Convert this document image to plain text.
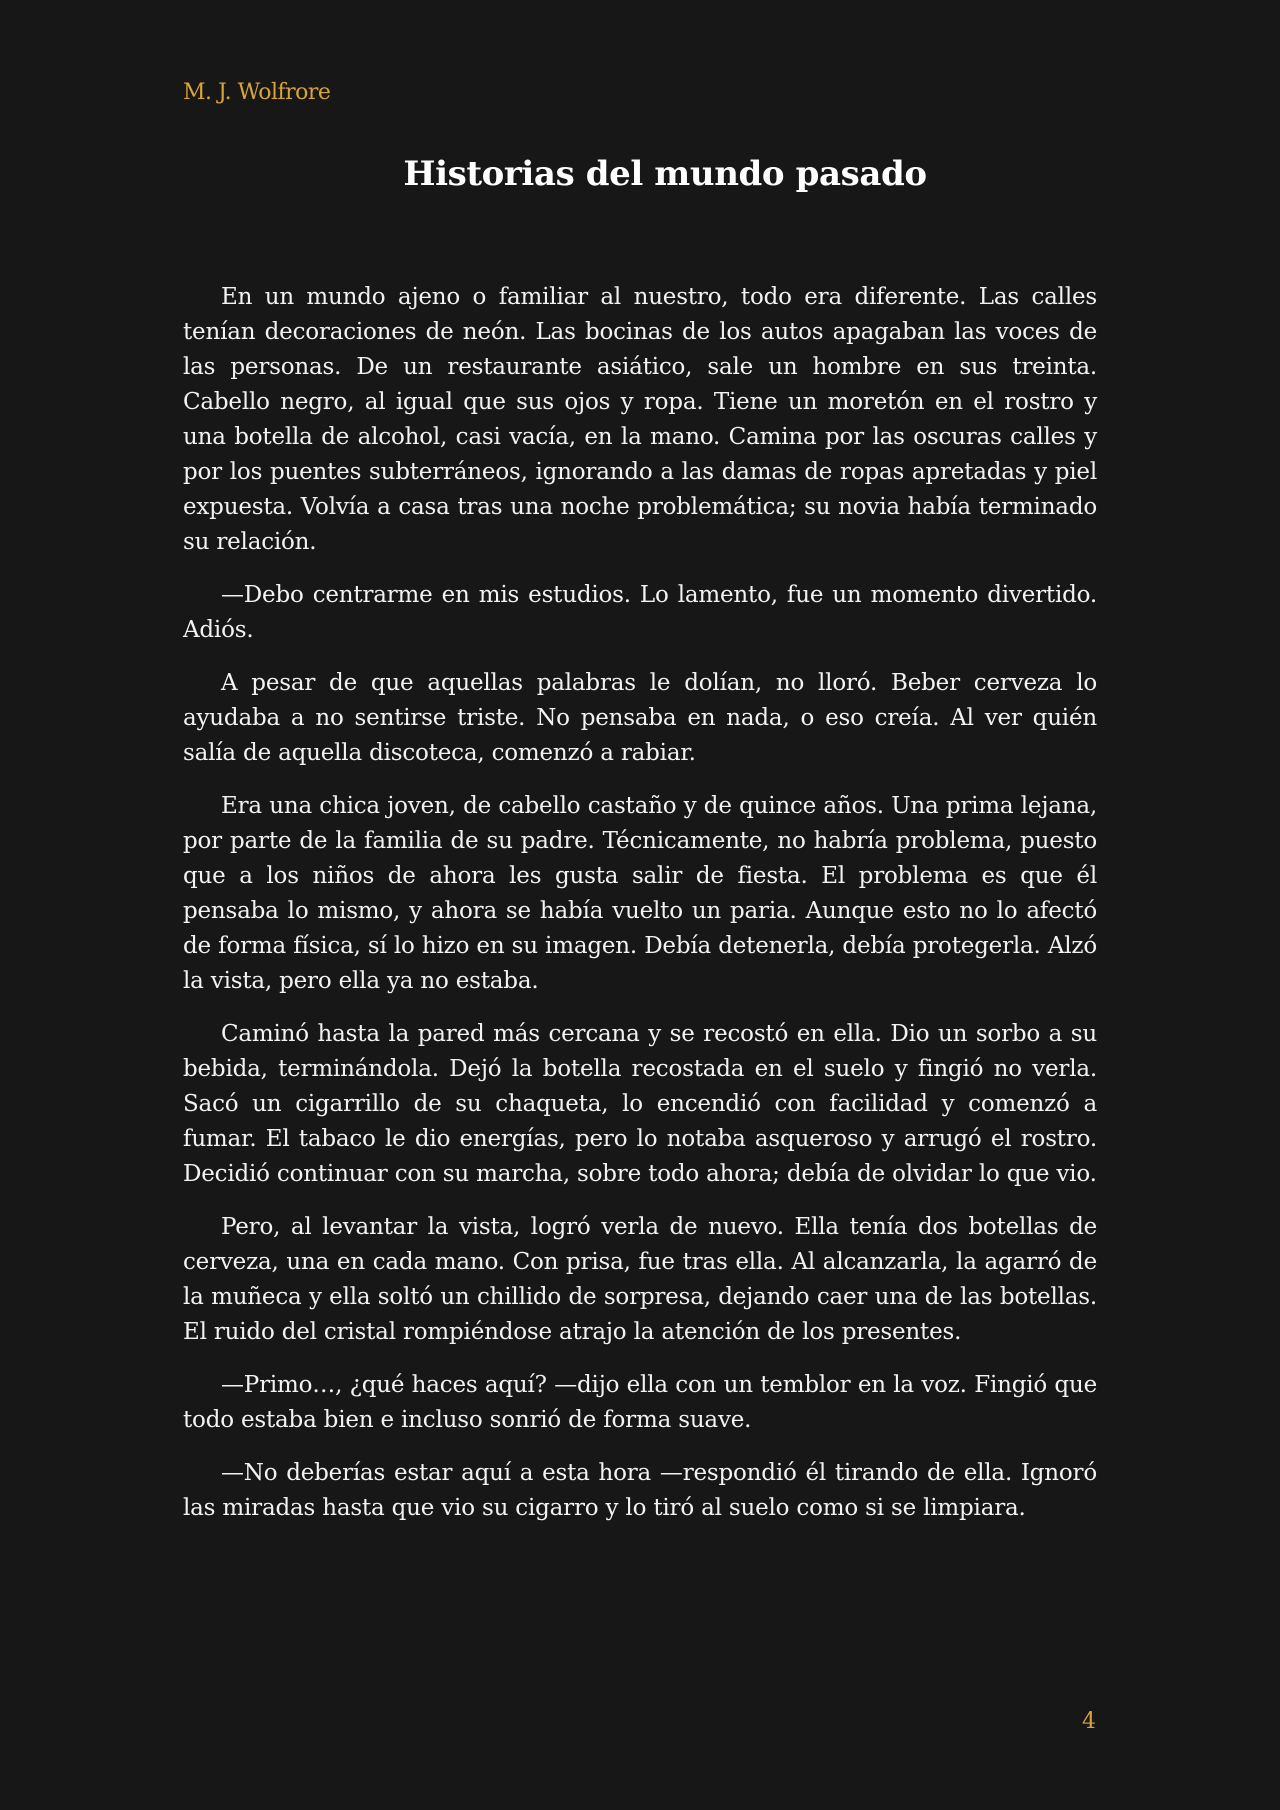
M. J. Wolfrore
Historias del mundo pasado

En un mundo ajeno o familiar al nuestro, todo era diferente. Las calles tenían decoraciones de neón. Las bocinas de los autos apagaban las voces de las personas. De un restaurante asiático, sale un hombre en sus treinta. Cabello negro, al igual que sus ojos y ropa. Tiene un moretón en el rostro y una botella de alcohol, casi vacía, en la mano. Camina por las oscuras calles y por los puentes subterráneos, ignorando a las damas de ropas apretadas y piel expuesta. Volvía a casa tras una noche problemática; su novia había terminado su relación.

—Debo centrarme en mis estudios. Lo lamento, fue un momento divertido. Adiós.

A pesar de que aquellas palabras le dolían, no lloró. Beber cerveza lo ayudaba a no sentirse triste. No pensaba en nada, o eso creía. Al ver quién salía de aquella discoteca, comenzó a rabiar.

Era una chica joven, de cabello castaño y de quince años. Una prima lejana, por parte de la familia de su padre. Técnicamente, no habría problema, puesto que a los niños de ahora les gusta salir de fiesta. El problema es que él pensaba lo mismo, y ahora se había vuelto un paria. Aunque esto no lo afectó de forma física, sí lo hizo en su imagen. Debía detenerla, debía protegerla. Alzó la vista, pero ella ya no estaba.

Caminó hasta la pared más cercana y se recostó en ella. Dio un sorbo a su bebida, terminándola. Dejó la botella recostada en el suelo y fingió no verla. Sacó un cigarrillo de su chaqueta, lo encendió con facilidad y comenzó a fumar. El tabaco le dio energías, pero lo notaba asqueroso y arrugó el rostro. Decidió continuar con su marcha, sobre todo ahora; debía de olvidar lo que vio.

Pero, al levantar la vista, logró verla de nuevo. Ella tenía dos botellas de cerveza, una en cada mano. Con prisa, fue tras ella. Al alcanzarla, la agarró de la muñeca y ella soltó un chillido de sorpresa, dejando caer una de las botellas. El ruido del cristal rompiéndose atrajo la atención de los presentes.

—Primo…, ¿qué haces aquí? —dijo ella con un temblor en la voz. Fingió que todo estaba bien e incluso sonrió de forma suave.

—No deberías estar aquí a esta hora —respondió él tirando de ella. Ignoró las miradas hasta que vio su cigarro y lo tiró al suelo como si se limpiara.

4
